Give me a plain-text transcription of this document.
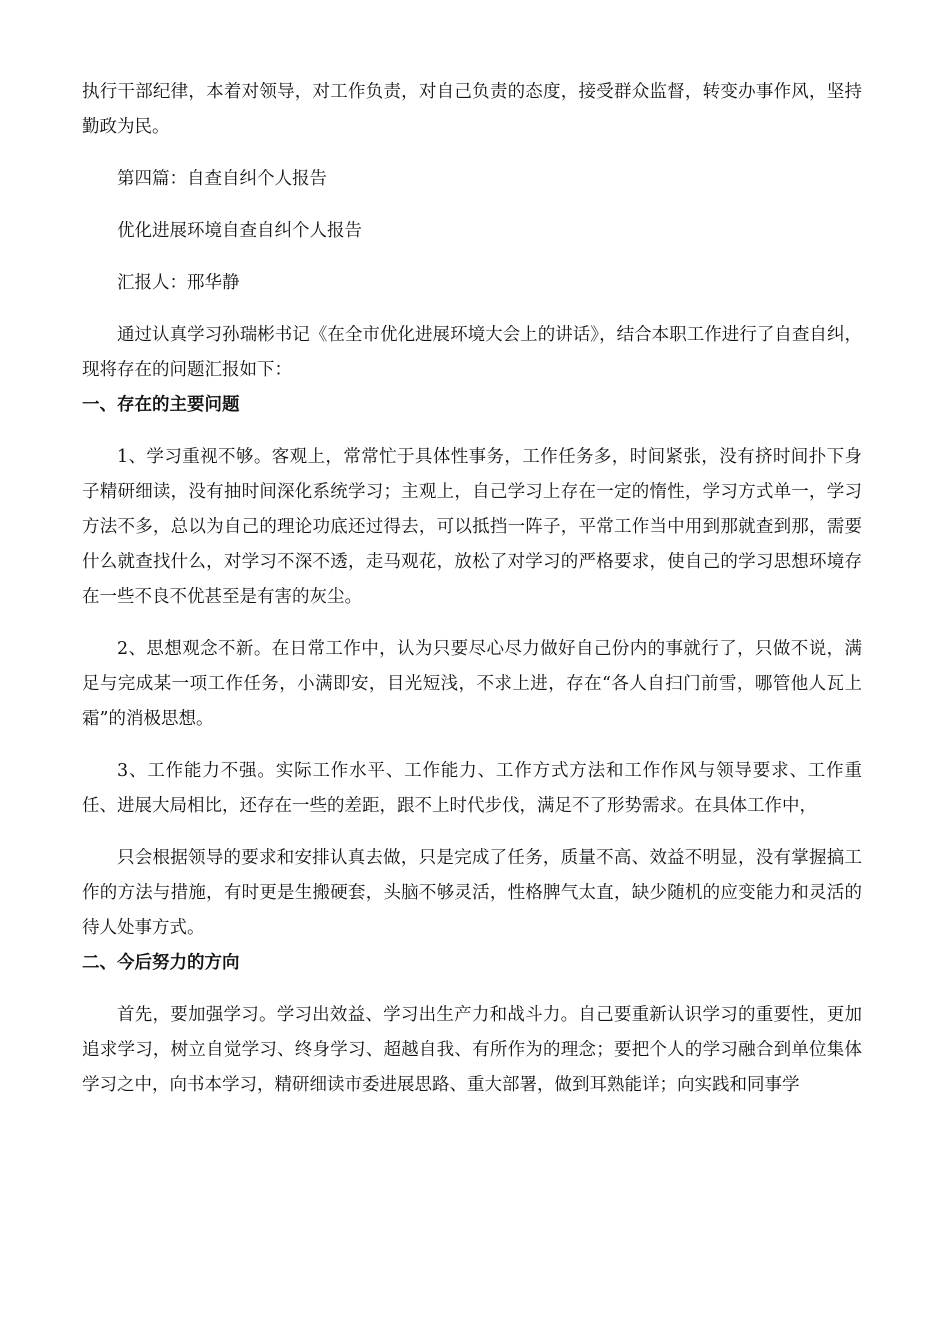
执行干部纪律，本着对领导，对工作负责，对自己负责的态度，接受群众监督，转变办事作风，坚持勤政为民。

第四篇：自查自纠个人报告

优化进展环境自查自纠个人报告

汇报人：邢华静

通过认真学习孙瑞彬书记《在全市优化进展环境大会上的讲话》，结合本职工作进行了自查自纠，现将存在的问题汇报如下：

一、存在的主要问题

1、学习重视不够。客观上，常常忙于具体性事务，工作任务多，时间紧张，没有挤时间扑下身子精研细读，没有抽时间深化系统学习；主观上，自己学习上存在一定的惰性，学习方式单一，学习方法不多，总以为自己的理论功底还过得去，可以抵挡一阵子，平常工作当中用到那就查到那，需要什么就查找什么，对学习不深不透，走马观花，放松了对学习的严格要求，使自己的学习思想环境存在一些不良不优甚至是有害的灰尘。

2、思想观念不新。在日常工作中，认为只要尽心尽力做好自己份内的事就行了，只做不说，满足与完成某一项工作任务，小满即安，目光短浅，不求上进，存在“各人自扫门前雪，哪管他人瓦上霜”的消极思想。

3、工作能力不强。实际工作水平、工作能力、工作方式方法和工作作风与领导要求、工作重任、进展大局相比，还存在一些的差距，跟不上时代步伐，满足不了形势需求。在具体工作中，

只会根据领导的要求和安排认真去做，只是完成了任务，质量不高、效益不明显，没有掌握搞工作的方法与措施，有时更是生搬硬套，头脑不够灵活，性格脾气太直，缺少随机的应变能力和灵活的待人处事方式。

二、今后努力的方向

首先，要加强学习。学习出效益、学习出生产力和战斗力。自己要重新认识学习的重要性，更加追求学习，树立自觉学习、终身学习、超越自我、有所作为的理念；要把个人的学习融合到单位集体学习之中，向书本学习，精研细读市委进展思路、重大部署，做到耳熟能详；向实践和同事学
